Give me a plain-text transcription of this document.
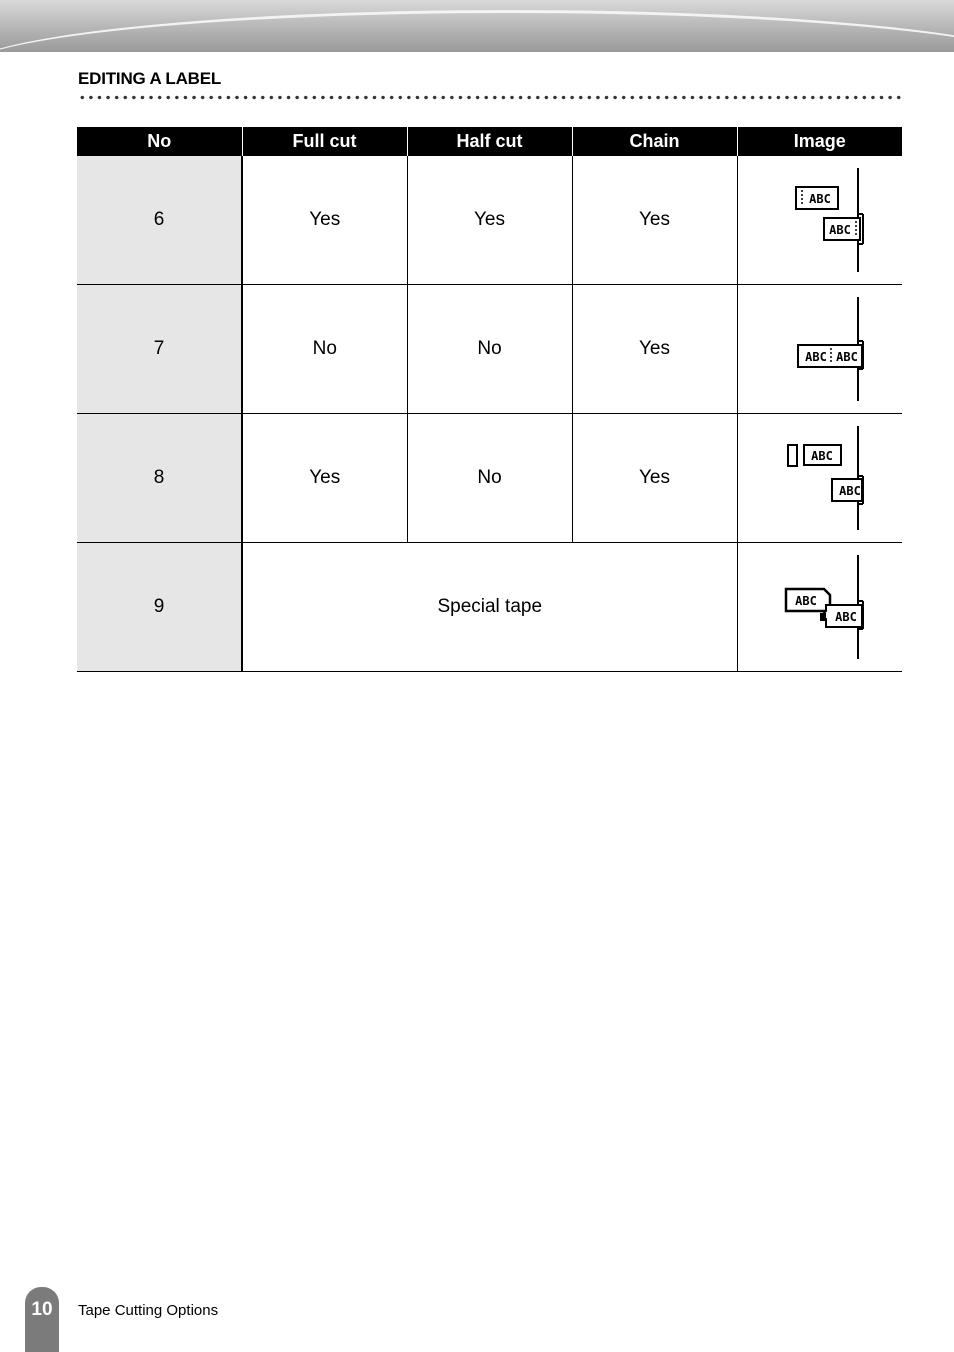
EDITING A LABEL
No	Full cut	Half cut	Chain	Image
6	Yes	Yes	Yes	ABC
ABC

7	No	No	Yes	ABC ABC

8	Yes	No	Yes	ABC
ABC

9	Special tape			ABC
ABC
10	Tape Cutting Options
